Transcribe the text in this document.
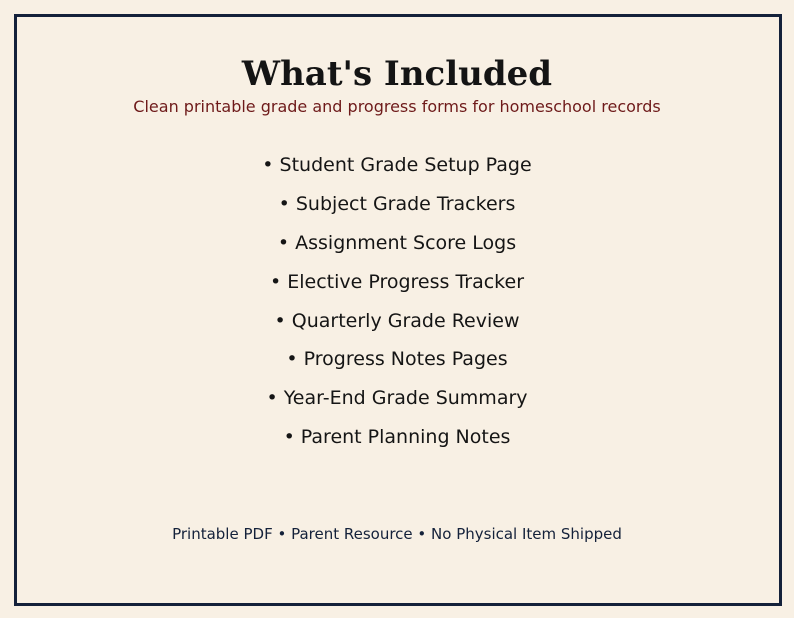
What's Included

Clean printable grade and progress forms for homeschool records

• Student Grade Setup Page
• Subject Grade Trackers
• Assignment Score Logs
• Elective Progress Tracker
• Quarterly Grade Review
• Progress Notes Pages
• Year-End Grade Summary
• Parent Planning Notes

Printable PDF • Parent Resource • No Physical Item Shipped
